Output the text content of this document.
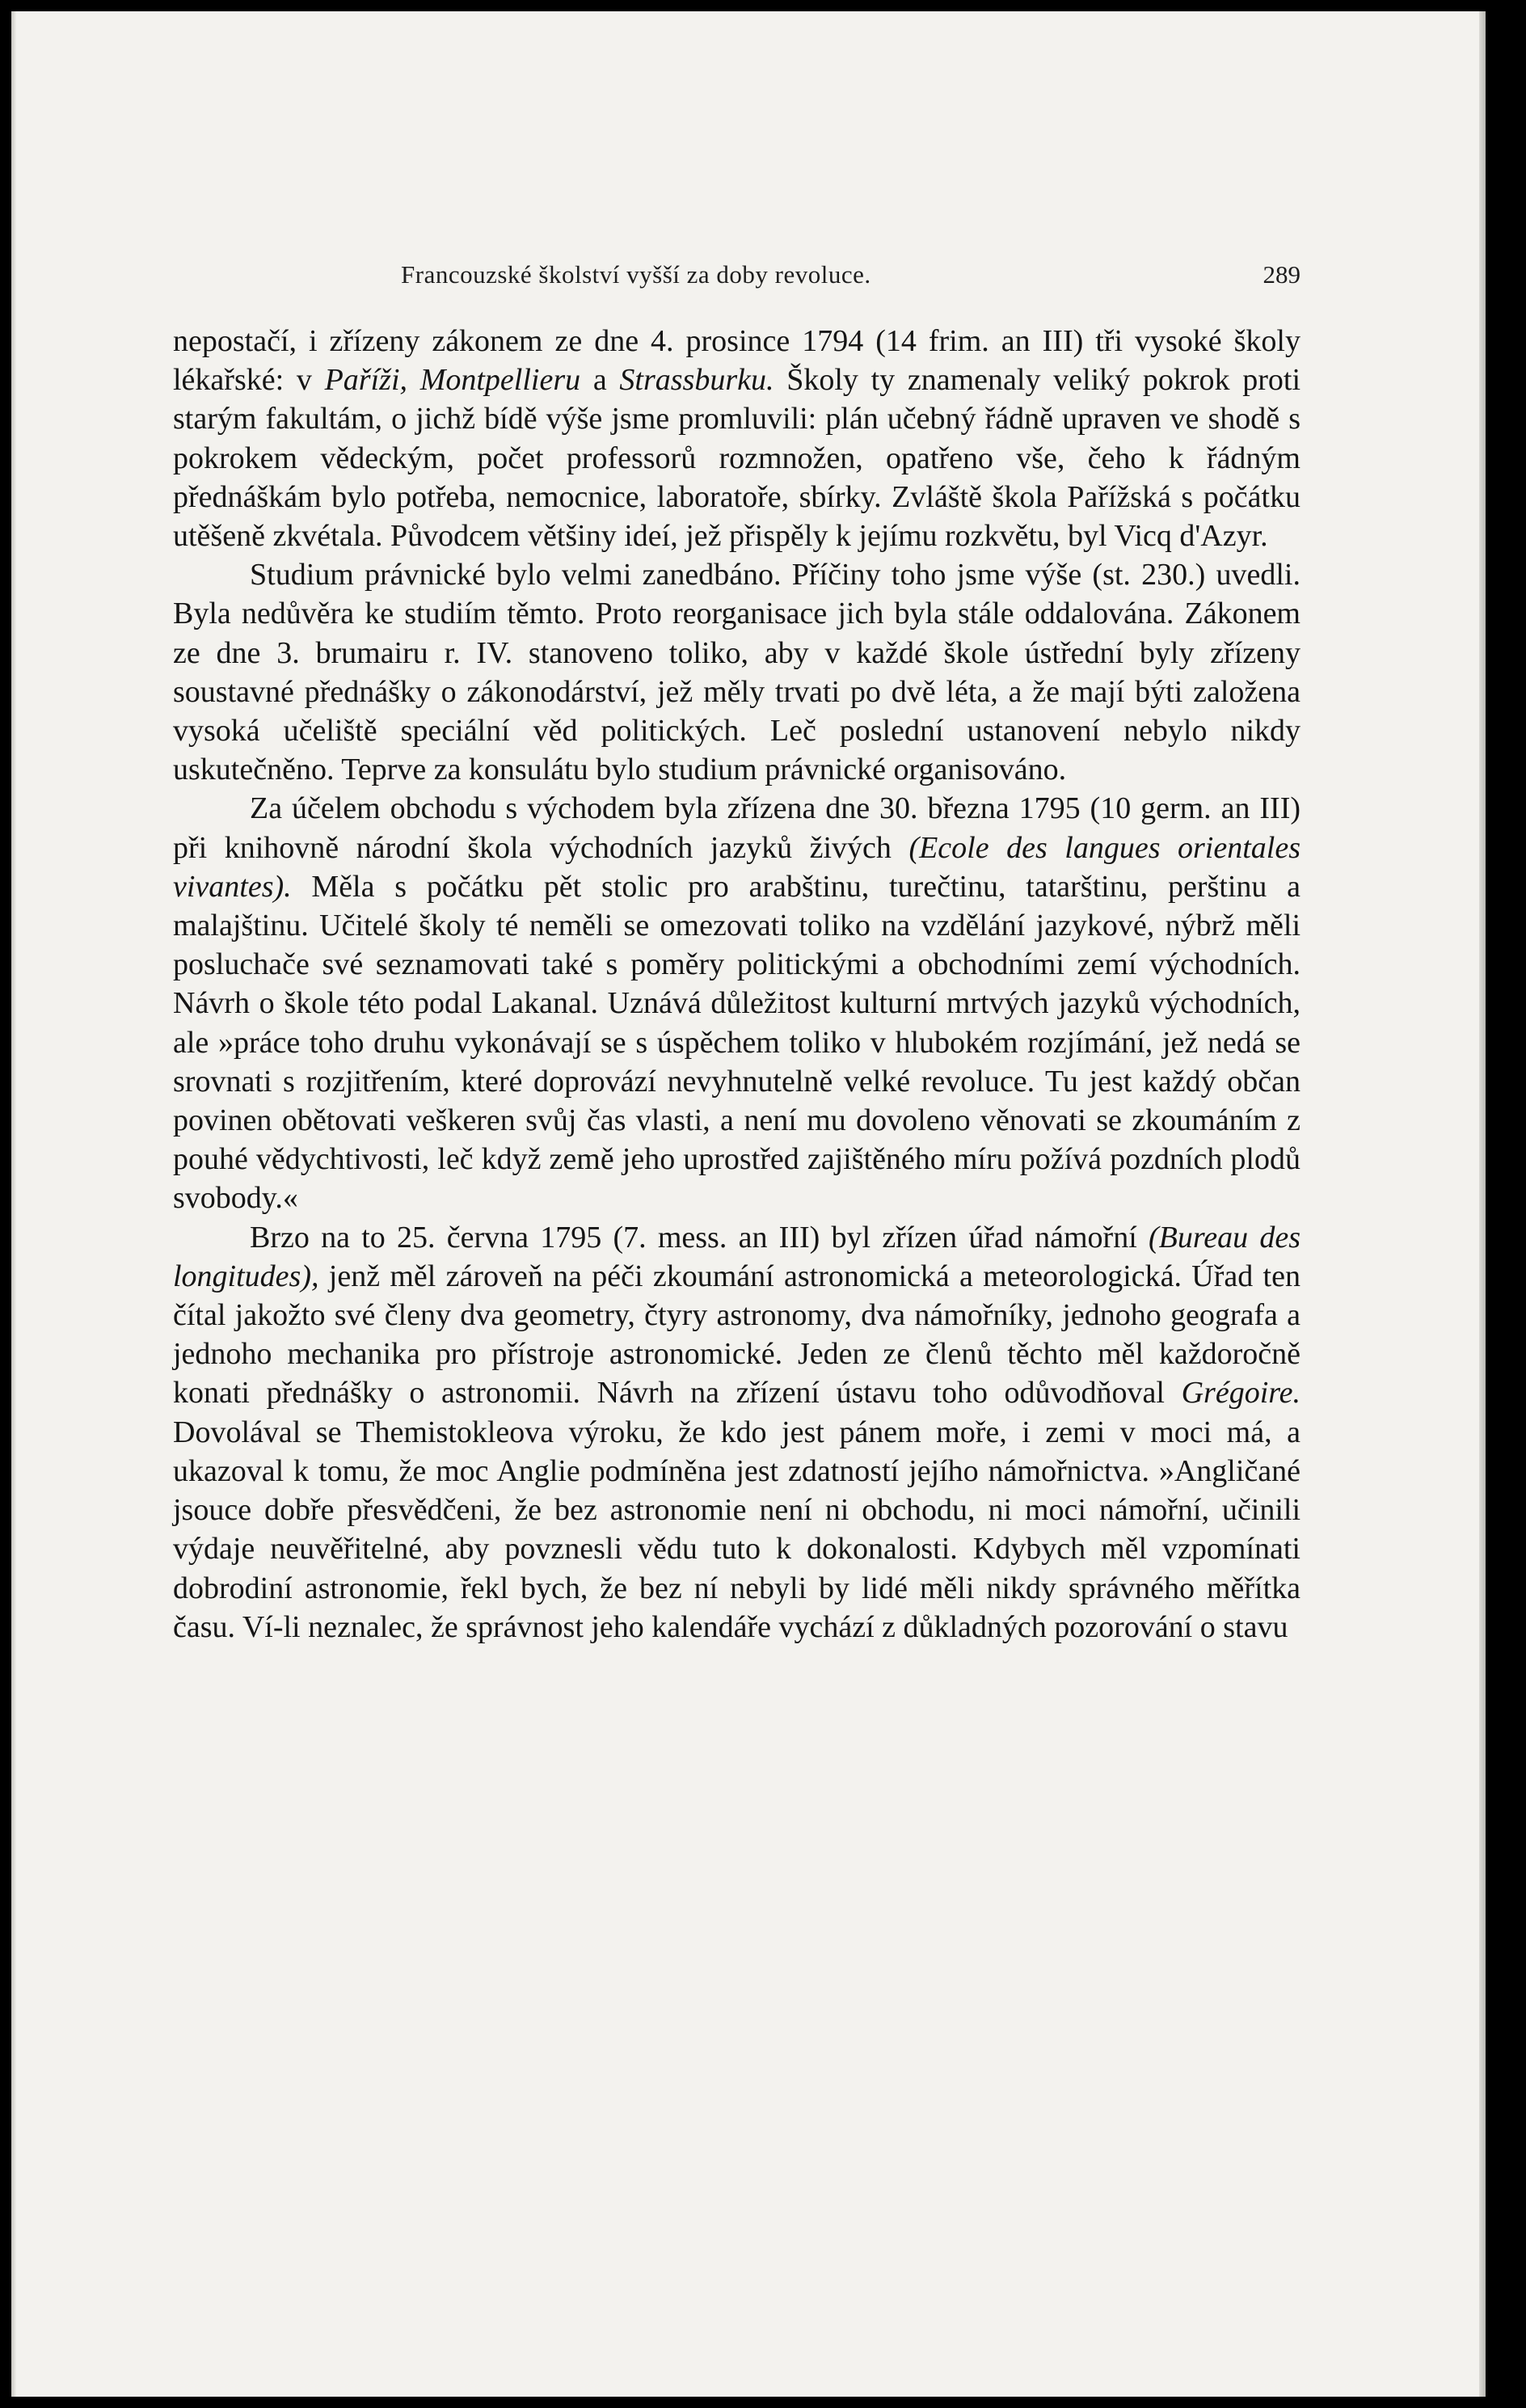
Francouzské školství vyšší za doby revoluce.	289

nepostačí, i zřízeny zákonem ze dne 4. prosince 1794 (14 frim. an III) tři vysoké školy lékařské: v Paříži, Montpellieru a Strassburku. Školy ty znamenaly veliký pokrok proti starým fakultám, o jichž bídě výše jsme promluvili: plán učebný řádně upraven ve shodě s pokrokem vědeckým, počet professorů rozmnožen, opatřeno vše, čeho k řádným přednáškám bylo potřeba, nemocnice, laboratoře, sbírky. Zvláště škola Pařížská s počátku utěšeně zkvétala. Původcem většiny ideí, jež přispěly k jejímu rozkvětu, byl Vicq d'Azyr.

Studium právnické bylo velmi zanedbáno. Příčiny toho jsme výše (st. 230.) uvedli. Byla nedůvěra ke studiím těmto. Proto reorganisace jich byla stále oddalována. Zákonem ze dne 3. brumairu r. IV. stanoveno toliko, aby v každé škole ústřední byly zřízeny soustavné přednášky o zákonodárství, jež měly trvati po dvě léta, a že mají býti založena vysoká učeliště speciální věd politických. Leč poslední ustanovení nebylo nikdy uskutečněno. Teprve za konsulátu bylo studium právnické organisováno.

Za účelem obchodu s východem byla zřízena dne 30. března 1795 (10 germ. an III) při knihovně národní škola východních jazyků živých (Ecole des langues orientales vivantes). Měla s počátku pět stolic pro arabštinu, turečtinu, tatarštinu, perštinu a malajštinu. Učitelé školy té neměli se omezovati toliko na vzdělání jazykové, nýbrž měli posluchače své seznamovati také s poměry politickými a obchodními zemí východních. Návrh o škole této podal Lakanal. Uznává důležitost kulturní mrtvých jazyků východních, ale »práce toho druhu vykonávají se s úspěchem toliko v hlubokém rozjímání, jež nedá se srovnati s rozjitřením, které doprovází nevyhnutelně velké revoluce. Tu jest každý občan povinen obětovati veškeren svůj čas vlasti, a není mu dovoleno věnovati se zkoumáním z pouhé vědychtivosti, leč když země jeho uprostřed zajištěného míru požívá pozdních plodů svobody.«

Brzo na to 25. června 1795 (7. mess. an III) byl zřízen úřad námořní (Bureau des longitudes), jenž měl zároveň na péči zkoumání astronomická a meteorologická. Úřad ten čítal jakožto své členy dva geometry, čtyry astronomy, dva námořníky, jednoho geografa a jednoho mechanika pro přístroje astronomické. Jeden ze členů těchto měl každoročně konati přednášky o astronomii. Návrh na zřízení ústavu toho odůvodňoval Grégoire. Dovolával se Themistokleova výroku, že kdo jest pánem moře, i zemi v moci má, a ukazoval k tomu, že moc Anglie podmíněna jest zdatností jejího námořnictva. »Angličané jsouce dobře přesvědčeni, že bez astronomie není ni obchodu, ni moci námořní, učinili výdaje neuvěřitelné, aby povznesli vědu tuto k dokonalosti. Kdybych měl vzpomínati dobrodiní astronomie, řekl bych, že bez ní nebyli by lidé měli nikdy správného měřítka času. Ví-li neznalec, že správnost jeho kalendáře vychází z důkladných pozorování o stavu
